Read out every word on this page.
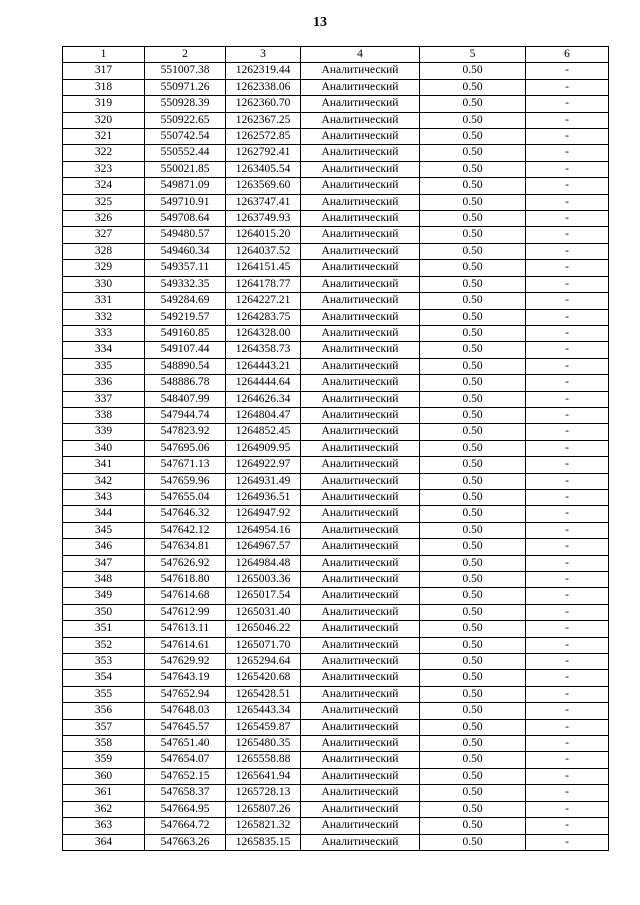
13
1	2	3	4	5	6
317	551007.38	1262319.44	Аналитический	0.50	-
318	550971.26	1262338.06	Аналитический	0.50	-
319	550928.39	1262360.70	Аналитический	0.50	-
320	550922.65	1262367.25	Аналитический	0.50	-
321	550742.54	1262572.85	Аналитический	0.50	-
322	550552.44	1262792.41	Аналитический	0.50	-
323	550021.85	1263405.54	Аналитический	0.50	-
324	549871.09	1263569.60	Аналитический	0.50	-
325	549710.91	1263747.41	Аналитический	0.50	-
326	549708.64	1263749.93	Аналитический	0.50	-
327	549480.57	1264015.20	Аналитический	0.50	-
328	549460.34	1264037.52	Аналитический	0.50	-
329	549357.11	1264151.45	Аналитический	0.50	-
330	549332.35	1264178.77	Аналитический	0.50	-
331	549284.69	1264227.21	Аналитический	0.50	-
332	549219.57	1264283.75	Аналитический	0.50	-
333	549160.85	1264328.00	Аналитический	0.50	-
334	549107.44	1264358.73	Аналитический	0.50	-
335	548890.54	1264443.21	Аналитический	0.50	-
336	548886.78	1264444.64	Аналитический	0.50	-
337	548407.99	1264626.34	Аналитический	0.50	-
338	547944.74	1264804.47	Аналитический	0.50	-
339	547823.92	1264852.45	Аналитический	0.50	-
340	547695.06	1264909.95	Аналитический	0.50	-
341	547671.13	1264922.97	Аналитический	0.50	-
342	547659.96	1264931.49	Аналитический	0.50	-
343	547655.04	1264936.51	Аналитический	0.50	-
344	547646.32	1264947.92	Аналитический	0.50	-
345	547642.12	1264954.16	Аналитический	0.50	-
346	547634.81	1264967.57	Аналитический	0.50	-
347	547626.92	1264984.48	Аналитический	0.50	-
348	547618.80	1265003.36	Аналитический	0.50	-
349	547614.68	1265017.54	Аналитический	0.50	-
350	547612.99	1265031.40	Аналитический	0.50	-
351	547613.11	1265046.22	Аналитический	0.50	-
352	547614.61	1265071.70	Аналитический	0.50	-
353	547629.92	1265294.64	Аналитический	0.50	-
354	547643.19	1265420.68	Аналитический	0.50	-
355	547652.94	1265428.51	Аналитический	0.50	-
356	547648.03	1265443.34	Аналитический	0.50	-
357	547645.57	1265459.87	Аналитический	0.50	-
358	547651.40	1265480.35	Аналитический	0.50	-
359	547654.07	1265558.88	Аналитический	0.50	-
360	547652.15	1265641.94	Аналитический	0.50	-
361	547658.37	1265728.13	Аналитический	0.50	-
362	547664.95	1265807.26	Аналитический	0.50	-
363	547664.72	1265821.32	Аналитический	0.50	-
364	547663.26	1265835.15	Аналитический	0.50	-
